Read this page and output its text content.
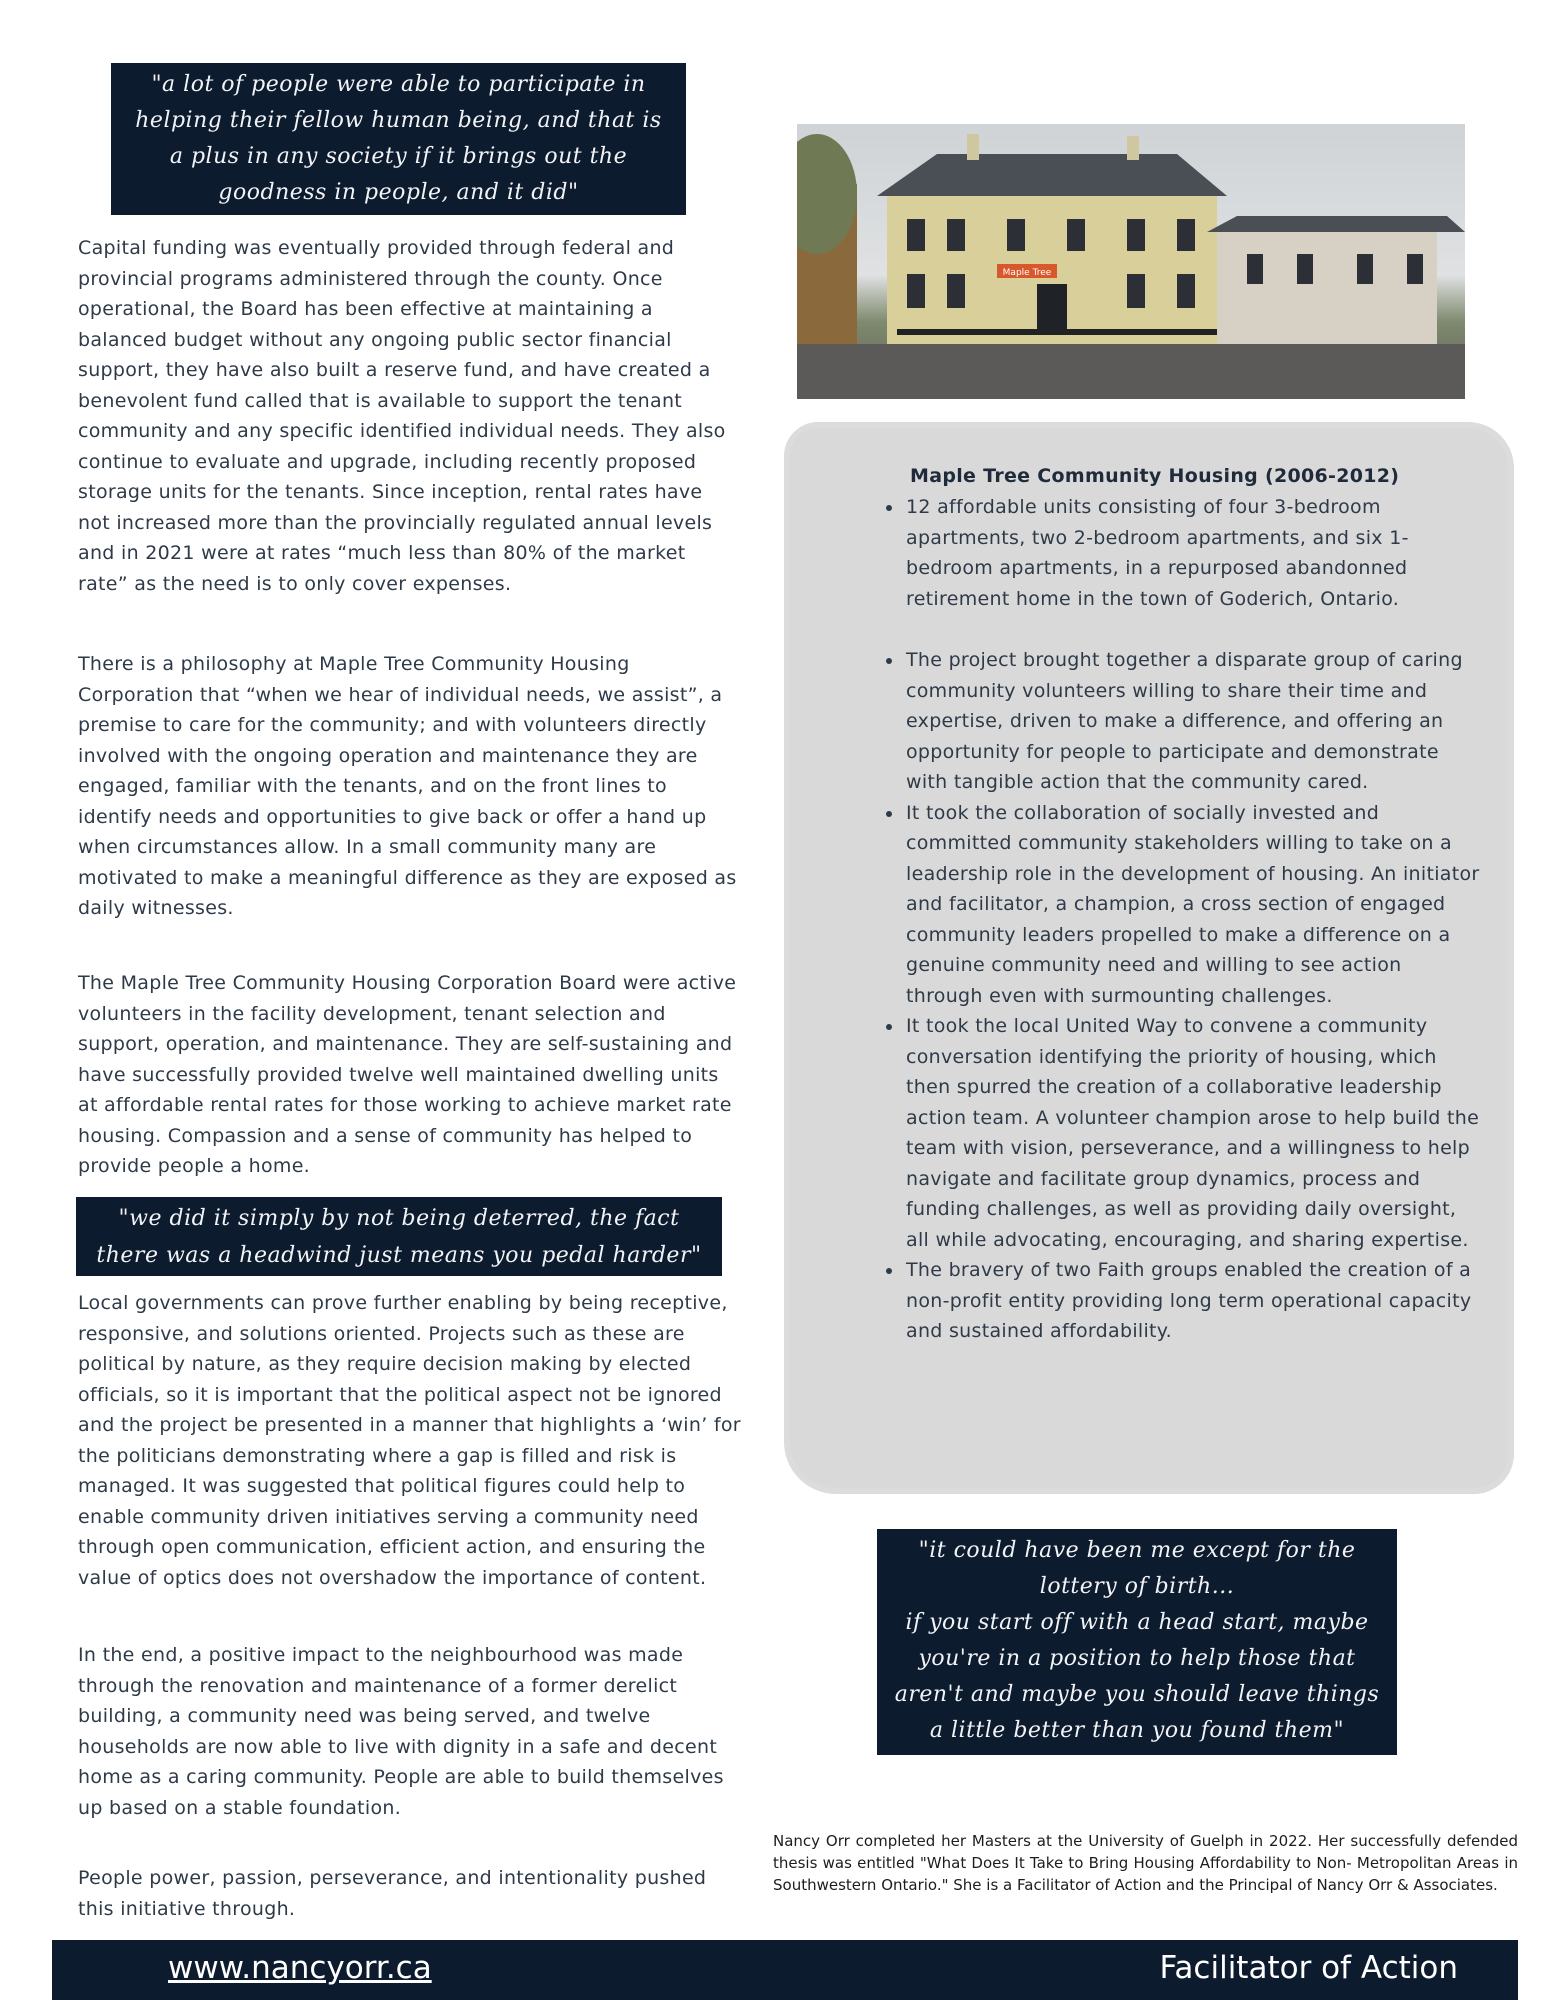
"a lot of people were able to participate in
helping their fellow human being, and that is
a plus in any society if it brings out the
goodness in people, and it did"

Capital funding was eventually provided through federal and provincial programs administered through the county. Once operational, the Board has been effective at maintaining a balanced budget without any ongoing public sector financial support, they have also built a reserve fund, and have created a benevolent fund called that is available to support the tenant community and any specific identified individual needs. They also continue to evaluate and upgrade, including recently proposed storage units for the tenants. Since inception, rental rates have not increased more than the provincially regulated annual levels and in 2021 were at rates “much less than 80% of the market rate” as the need is to only cover expenses.

There is a philosophy at Maple Tree Community Housing Corporation that “when we hear of individual needs, we assist”, a premise to care for the community; and with volunteers directly involved with the ongoing operation and maintenance they are engaged, familiar with the tenants, and on the front lines to identify needs and opportunities to give back or offer a hand up when circumstances allow. In a small community many are motivated to make a meaningful difference as they are exposed as daily witnesses.

The Maple Tree Community Housing Corporation Board were active volunteers in the facility development, tenant selection and support, operation, and maintenance. They are self-sustaining and have successfully provided twelve well maintained dwelling units at affordable rental rates for those working to achieve market rate housing. Compassion and a sense of community has helped to provide people a home.

"we did it simply by not being deterred, the fact
there was a headwind just means you pedal harder"

Local governments can prove further enabling by being receptive, responsive, and solutions oriented. Projects such as these are political by nature, as they require decision making by elected officials, so it is important that the political aspect not be ignored and the project be presented in a manner that highlights a ‘win’ for the politicians demonstrating where a gap is filled and risk is managed. It was suggested that political figures could help to enable community driven initiatives serving a community need through open communication, efficient action, and ensuring the value of optics does not overshadow the importance of content.

In the end, a positive impact to the neighbourhood was made through the renovation and maintenance of a former derelict building, a community need was being served, and twelve households are now able to live with dignity in a safe and decent home as a caring community. People are able to build themselves up based on a stable foundation.

People power, passion, perseverance, and intentionality pushed this initiative through.

Maple Tree
Maple Tree Community Housing (2006-2012)
• 12 affordable units consisting of four 3-bedroom apartments, two 2-bedroom apartments, and six 1-bedroom apartments, in a repurposed abandonned retirement home in the town of Goderich, Ontario.
• The project brought together a disparate group of caring community volunteers willing to share their time and expertise, driven to make a difference, and offering an opportunity for people to participate and demonstrate with tangible action that the community cared.
• It took the collaboration of socially invested and committed community stakeholders willing to take on a leadership role in the development of housing. An initiator and facilitator, a champion, a cross section of engaged community leaders propelled to make a difference on a genuine community need and willing to see action through even with surmounting challenges.
• It took the local United Way to convene a community conversation identifying the priority of housing, which then spurred the creation of a collaborative leadership action team. A volunteer champion arose to help build the team with vision, perseverance, and a willingness to help navigate and facilitate group dynamics, process and funding challenges, as well as providing daily oversight, all while advocating, encouraging, and sharing expertise.
• The bravery of two Faith groups enabled the creation of a non-profit entity providing long term operational capacity and sustained affordability.
"it could have been me except for the
lottery of birth...
if you start off with a head start, maybe
you're in a position to help those that
aren't and maybe you should leave things
a little better than you found them"

Nancy Orr completed her Masters at the University of Guelph in 2022. Her successfully defended thesis was entitled "What Does It Take to Bring Housing Affordability to Non- Metropolitan Areas in Southwestern Ontario." She is a Facilitator of Action and the Principal of Nancy Orr & Associates.

www.nancyorr.ca	Facilitator of Action
